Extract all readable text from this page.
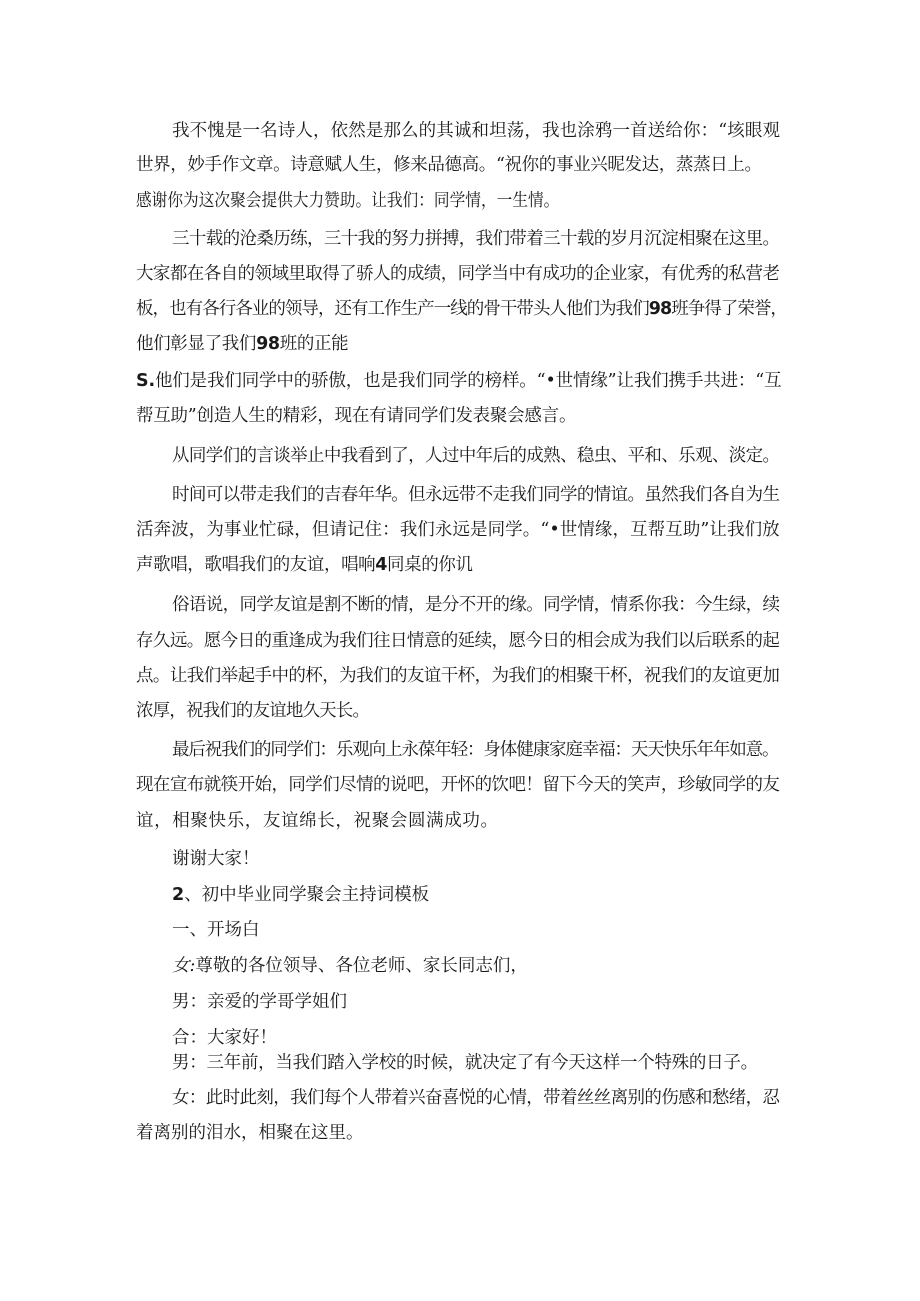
我不愧是一名诗人，依然是那么的其诚和坦荡，我也涂鸦一首送给你：“垓眼观
世界，妙手作文章。诗意赋人生，修来品德高。“祝你的事业兴昵发达，蒸蒸日上。
感谢你为这次聚会提供大力赞助。让我们：同学情，一生情。
三十载的沧桑历练，三十我的努力拼搏，我们带着三十载的岁月沉淀相聚在这里。
大家都在各自的领域里取得了骄人的成绩，同学当中有成功的企业家，有优秀的私营老
板，也有各行各业的领导，还有工作生产一线的骨干带头人他们为我们98班争得了荣誉，
他们彰显了我们98班的正能
S.他们是我们同学中的骄傲，也是我们同学的榜样。“•世情缘”让我们携手共进：“互
帮互助”创造人生的精彩，现在有请同学们发表聚会感言。
从同学们的言谈举止中我看到了，人过中年后的成熟、稳虫、平和、乐观、淡定。
时间可以带走我们的吉春年华。但永远带不走我们同学的情谊。虽然我们各自为生
活奔波，为事业忙碌，但请记住：我们永远是同学。“•世情缘，互帮互助”让我们放
声歌唱，歌唱我们的友谊，唱响4同桌的你讥
俗语说，同学友谊是割不断的情，是分不开的缘。同学情，情系你我：今生绿，续
存久远。愿今日的重逢成为我们往日情意的延续，愿今日的相会成为我们以后联系的起
点。让我们举起手中的杯，为我们的友谊干杯，为我们的相聚干杯，祝我们的友谊更加
浓厚，祝我们的友谊地久天长。
最后祝我们的同学们：乐观向上永葆年轻：身体健康家庭幸福：天天快乐年年如意。
现在宣布就筷开始，同学们尽情的说吧，开怀的饮吧！留下今天的笑声，珍敏同学的友
谊，相聚快乐，友谊绵长，祝聚会圆满成功。
谢谢大家！
2、初中毕业同学聚会主持词模板
一、开场白
女:尊敬的各位领导、各位老师、家长同志们，
男：亲爱的学哥学姐们
合：大家好！
男：三年前，当我们踏入学校的时候，就决定了有今天这样一个特殊的日子。
女：此时此刻，我们每个人带着兴奋喜悦的心情，带着丝丝离别的伤感和愁绪，忍
着离别的泪水，相聚在这里。
